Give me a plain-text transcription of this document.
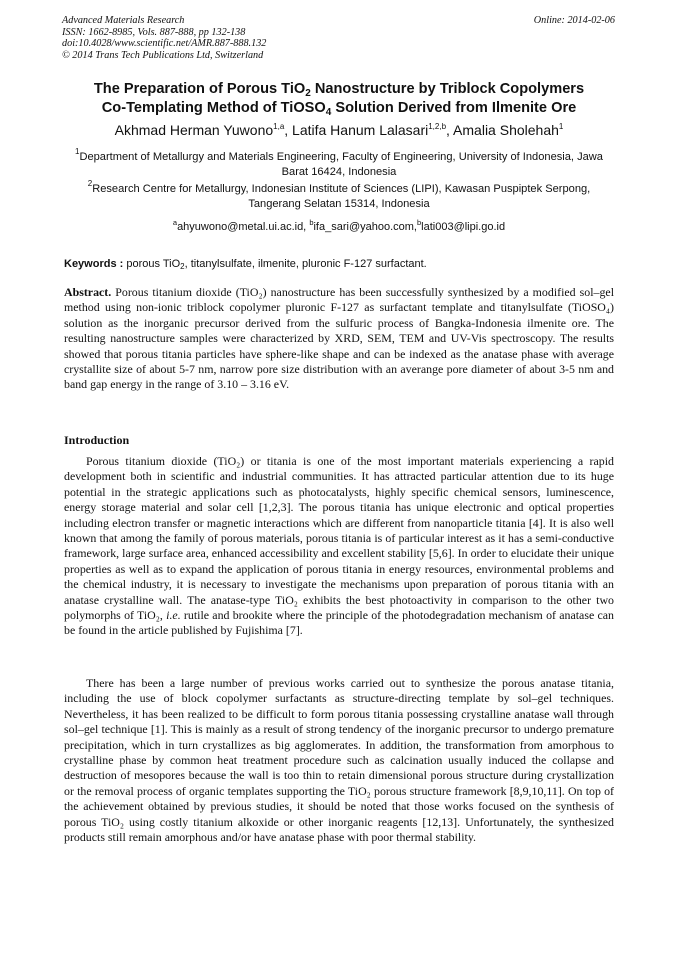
Advanced Materials Research
ISSN: 1662-8985, Vols. 887-888, pp 132-138
doi:10.4028/www.scientific.net/AMR.887-888.132
© 2014 Trans Tech Publications Ltd, Switzerland
Online: 2014-02-06
The Preparation of Porous TiO$_2$ Nanostructure by Triblock Copolymers
Co-Templating Method of TiOSO$_4$ Solution Derived from Ilmenite Ore
Akhmad Herman Yuwono$^{1,a}$, Latifa Hanum Lalasari$^{1,2,b}$, Amalia Sholehah$^1$
$^1$Department of Metallurgy and Materials Engineering, Faculty of Engineering, University of Indonesia, Jawa Barat 16424, Indonesia
$^2$Research Centre for Metallurgy, Indonesian Institute of Sciences (LIPI), Kawasan Puspiptek Serpong, Tangerang Selatan 15314, Indonesia
$^a$ahyuwono@metal.ui.ac.id, $^b$ifa_sari@yahoo.com,$^b$lati003@lipi.go.id
Keywords : porous TiO$_2$, titanylsulfate, ilmenite, pluronic F-127 surfactant.
Abstract. Porous titanium dioxide (TiO₂) nanostructure has been successfully synthesized by a modified sol–gel method using non-ionic triblock copolymer pluronic F-127 as surfactant template and titanylsulfate (TiOSO₄) solution as the inorganic precursor derived from the sulfuric process of Bangka-Indonesia ilmenite ore. The resulting nanostructure samples were characterized by XRD, SEM, TEM and UV-Vis spectroscopy. The results showed that porous titania particles have sphere-like shape and can be indexed as the anatase phase with average crystallite size of about 5-7 nm, narrow pore size distribution with an averange pore diameter of about 3-5 nm and band gap energy in the range of 3.10 – 3.16 eV.
Introduction

Porous titanium dioxide (TiO₂) or titania is one of the most important materials experiencing a rapid development both in scientific and industrial communities. It has attracted particular attention due to its huge potential in the strategic applications such as photocatalysts, highly specific chemical sensors, luminescence, energy storage material and solar cell [1,2,3]. The porous titania has unique electronic and optical properties including electron transfer or magnetic interactions which are different from nanoparticle titania [4]. It is also well known that among the family of porous materials, porous titania is of particular interest as it has a semi-conductive framework, large surface area, enhanced accessibility and excellent stability [5,6]. In order to elucidate their unique properties as well as to expand the application of porous titania in energy resources, environmental problems and the chemical industry, it is necessary to investigate the mechanisms upon preparation of porous titania with an anatase crystalline wall. The anatase-type TiO₂ exhibits the best photoactivity in comparison to the other two polymorphs of TiO₂, i.e. rutile and brookite where the principle of the photodegradation mechanism of anatase can be found in the article published by Fujishima [7].

There has been a large number of previous works carried out to synthesize the porous anatase titania, including the use of block copolymer surfactants as structure-directing template by sol–gel techniques. Nevertheless, it has been realized to be difficult to form porous titania possessing crystalline anatase wall through sol–gel technique [1]. This is mainly as a result of strong tendency of the inorganic precursor to undergo premature precipitation, which in turn crystallizes as big agglomerates. In addition, the transformation from amorphous to crystalline phase by common heat treatment procedure such as calcination usually induced the collapse and destruction of mesopores because the wall is too thin to retain dimensional porous structure during crystallization or the removal process of organic templates supporting the TiO₂ porous structure framework [8,9,10,11]. On top of the achievement obtained by previous studies, it should be noted that those works focused on the synthesis of porous TiO₂ using costly titanium alkoxide or other inorganic reagents [12,13]. Unfortunately, the synthesized products still remain amorphous and/or have anatase phase with poor thermal stability.
